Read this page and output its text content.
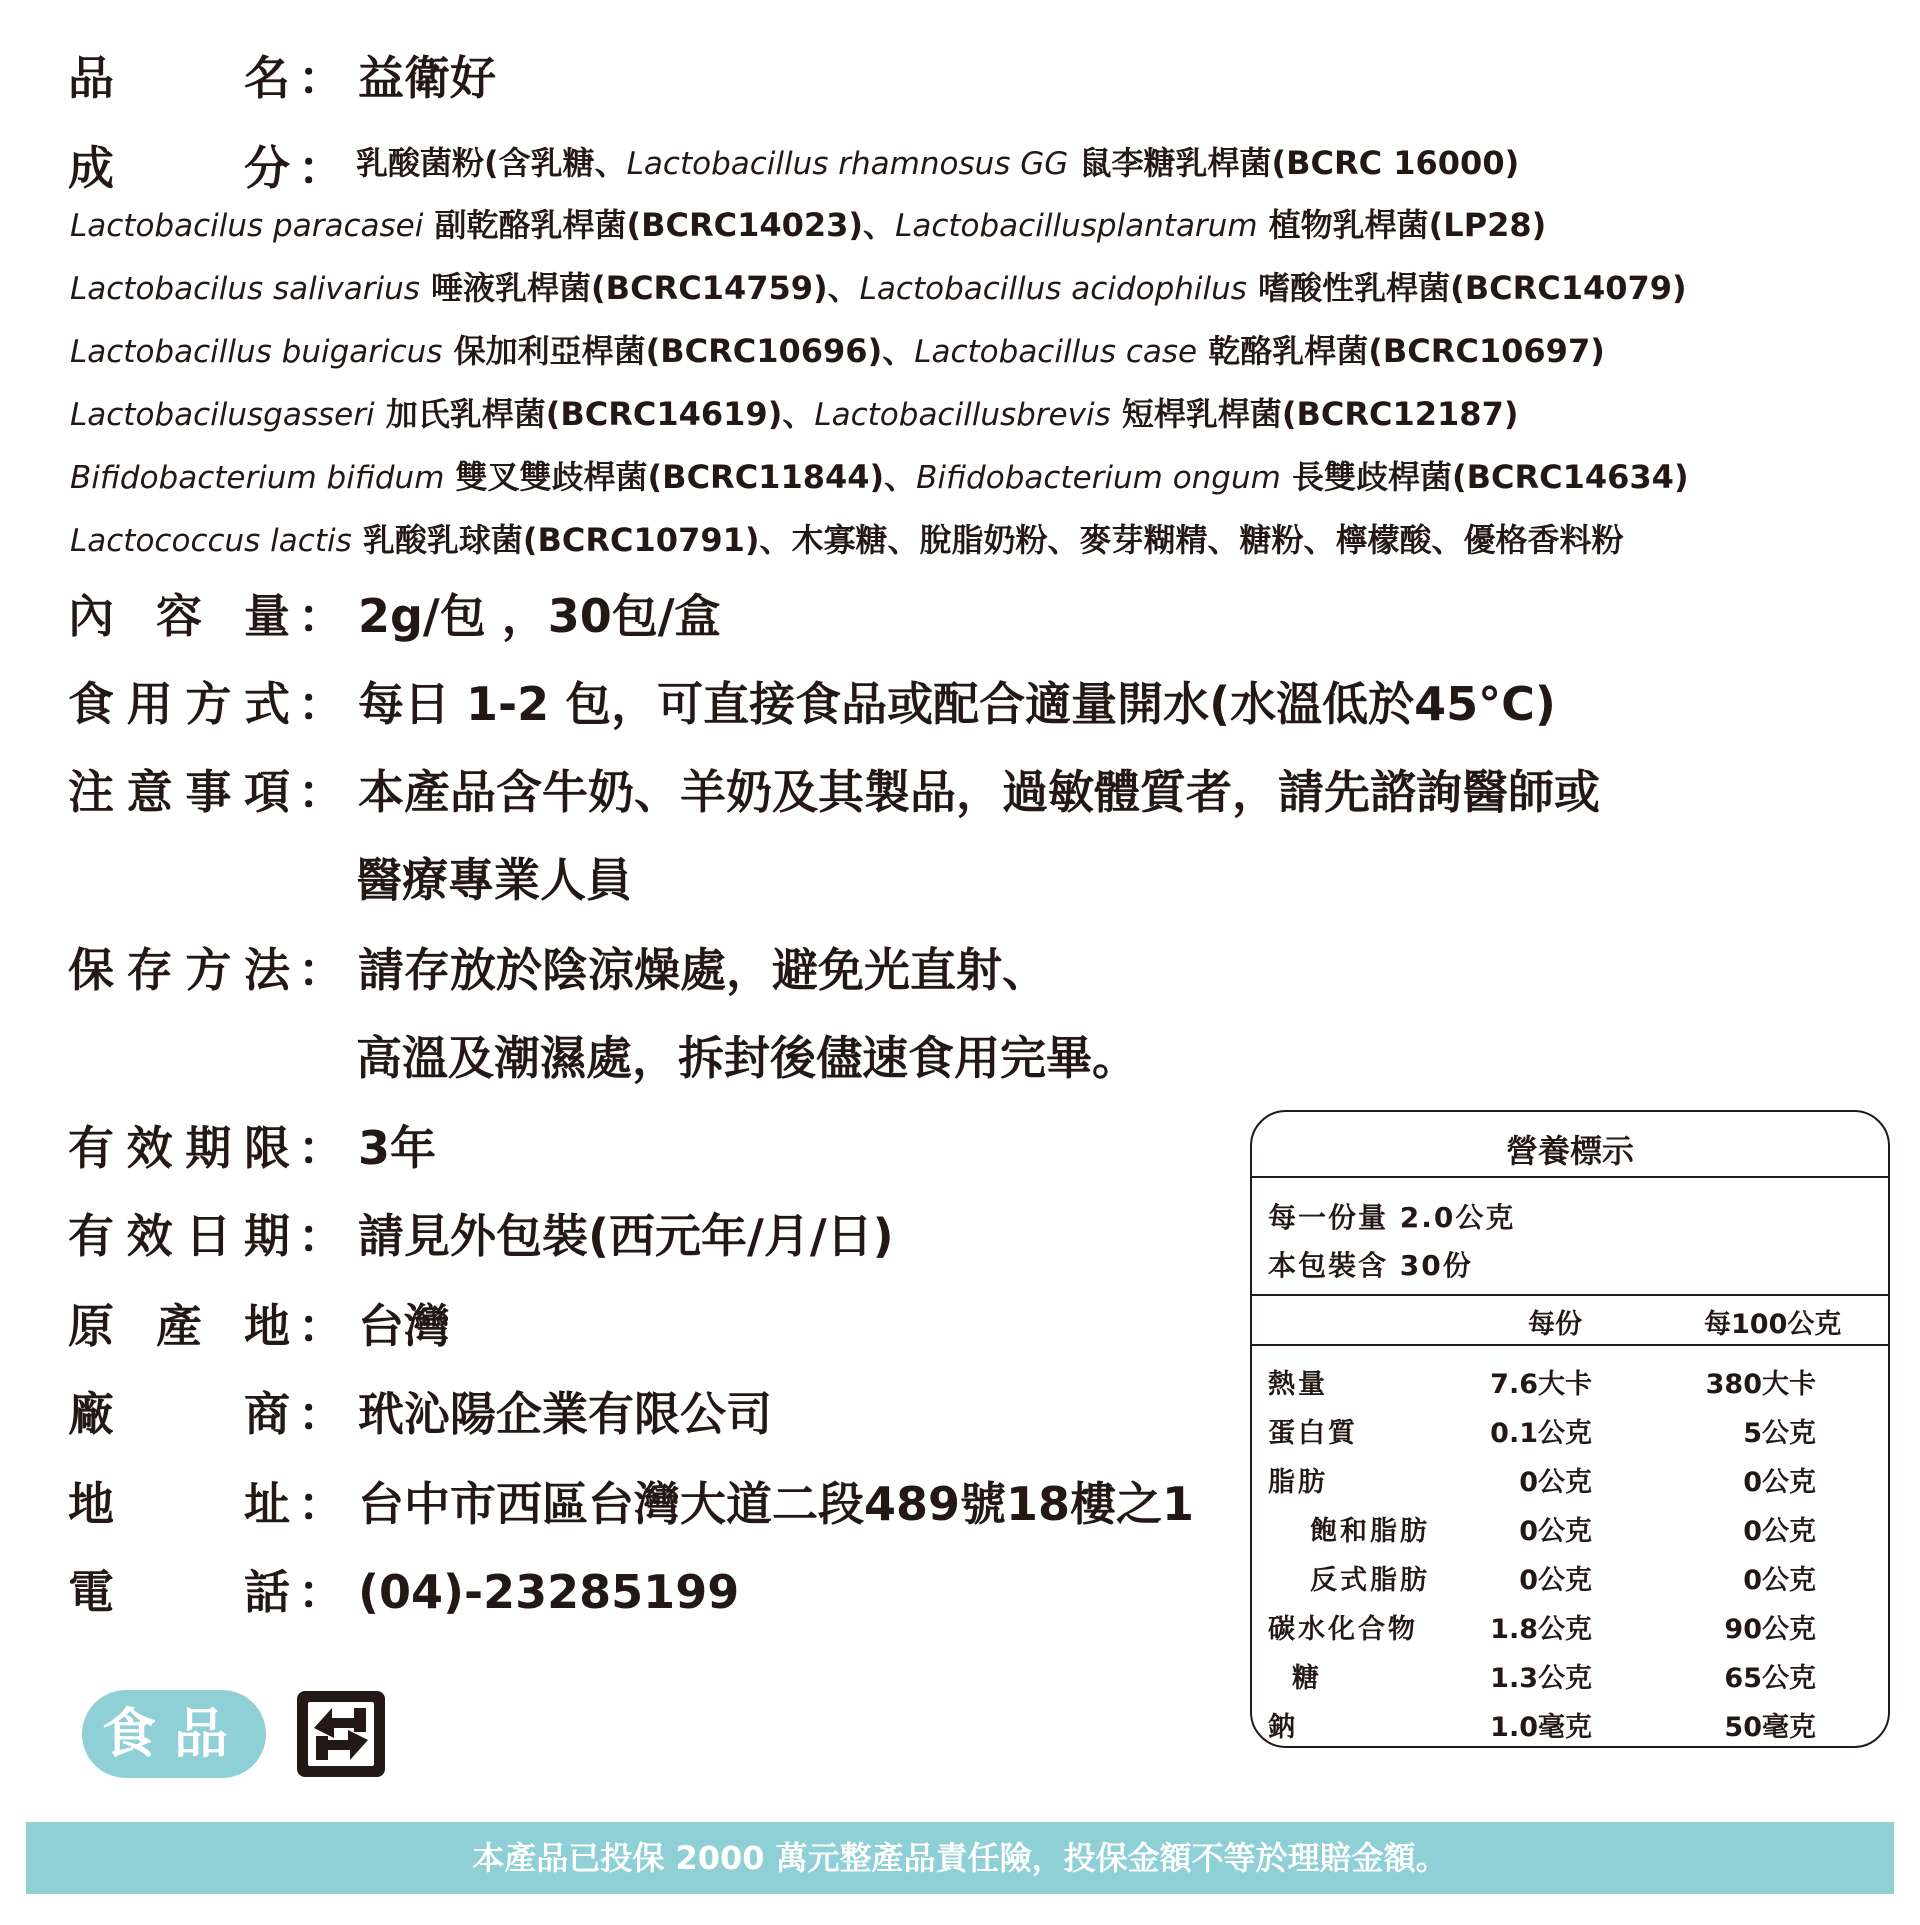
品	名 ： 益衛好
成	分 ： 乳酸菌粉(含乳糖、Lactobacillus rhamnosus GG 鼠李糖乳桿菌(BCRC 16000)
Lactobacilus paracasei 副乾酪乳桿菌(BCRC14023)、Lactobacillusplantarum 植物乳桿菌(LP28)
Lactobacilus salivarius 唾液乳桿菌(BCRC14759)、Lactobacillus acidophilus 嗜酸性乳桿菌(BCRC14079)
Lactobacillus buigaricus 保加利亞桿菌(BCRC10696)、Lactobacillus case 乾酪乳桿菌(BCRC10697)
Lactobacilusgasseri 加氏乳桿菌(BCRC14619)、Lactobacillusbrevis 短桿乳桿菌(BCRC12187)
Bifidobacterium bifidum 雙叉雙歧桿菌(BCRC11844)、Bifidobacterium ongum 長雙歧桿菌(BCRC14634)
Lactococcus lactis 乳酸乳球菌(BCRC10791)、木寡糖、脫脂奶粉、麥芽糊精、糖粉、檸檬酸、優格香料粉
內 容 量 ： 2g/包 ，30包/盒
食 用 方 式 ： 每日 1-2 包，可直接食品或配合適量開水(水溫低於45°C)
注 意 事 項 ： 本產品含牛奶、羊奶及其製品，過敏體質者，請先諮詢醫師或
醫療專業人員
保 存 方 法 ： 請存放於陰涼燥處，避免光直射、
高溫及潮濕處，拆封後儘速食用完畢。
有 效 期 限 ： 3年
有 效 日 期 ： 請見外包裝(西元年/月/日)
原 產 地 ： 台灣
廠	商 ： 玳沁陽企業有限公司
地	址 ： 台中市西區台灣大道二段489號18樓之1
電	話 ： (04)-23285199
營養標示
每一份量 2.0公克
本包裝含 30份
每份	每100公克
熱量	7.6大卡	380大卡
蛋白質	0.1公克	5公克
脂肪	0公克	0公克
飽和脂肪	0公克	0公克
反式脂肪	0公克	0公克
碳水化合物	1.8公克	90公克
糖	1.3公克	65公克
鈉	1.0毫克	50毫克
食品
本產品已投保 2000 萬元整產品責任險，投保金額不等於理賠金額。
